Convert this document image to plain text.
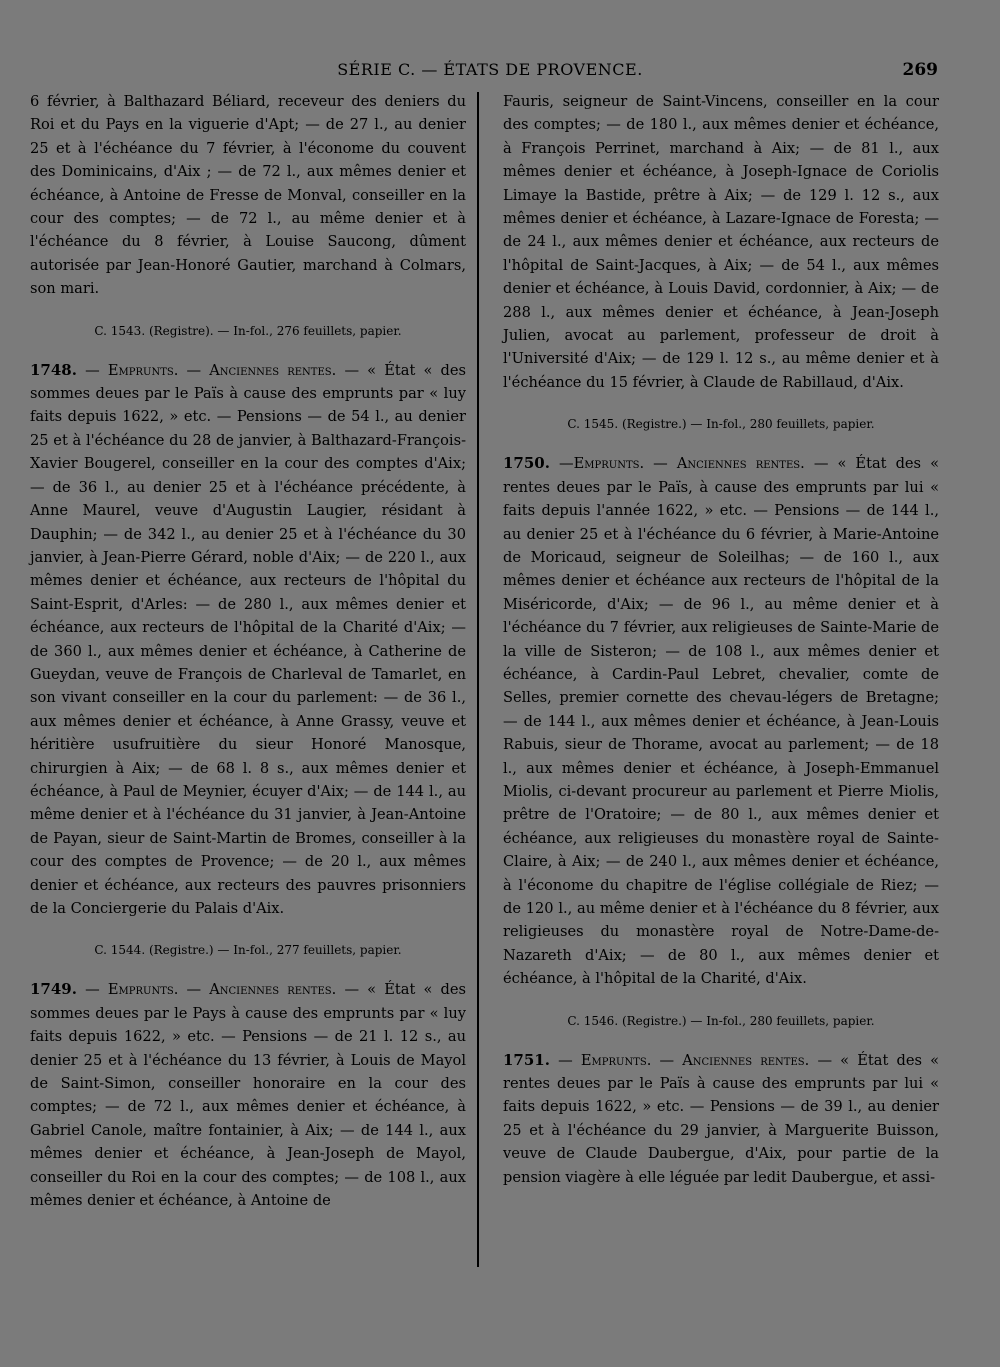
SÉRIE C. — ÉTATS DE PROVENCE.	269

6 février, à Balthazard Béliard, receveur des deniers du Roi et du Pays en la viguerie d'Apt; — de 27 l., au denier 25 et à l'échéance du 7 février, à l'économe du couvent des Dominicains, d'Aix ; — de 72 l., aux mêmes denier et échéance, à Antoine de Fresse de Monval, conseiller en la cour des comptes; — de 72 l., au même denier et à l'échéance du 8 février, à Louise Saucong, dûment autorisée par Jean-Honoré Gautier, marchand à Colmars, son mari.

C. 1543. (Registre). — In-fol., 276 feuillets, papier.

1748. — Emprunts. — Anciennes rentes. — « État « des sommes deues par le Païs à cause des emprunts par « luy faits depuis 1622, » etc. — Pensions — de 54 l., au denier 25 et à l'échéance du 28 de janvier, à Balthazard-François-Xavier Bougerel, conseiller en la cour des comptes d'Aix; — de 36 l., au denier 25 et à l'échéance précédente, à Anne Maurel, veuve d'Augustin Laugier, résidant à Dauphin; — de 342 l., au denier 25 et à l'échéance du 30 janvier, à Jean-Pierre Gérard, noble d'Aix; — de 220 l., aux mêmes denier et échéance, aux recteurs de l'hôpital du Saint-Esprit, d'Arles: — de 280 l., aux mêmes denier et échéance, aux recteurs de l'hôpital de la Charité d'Aix; — de 360 l., aux mêmes denier et échéance, à Catherine de Gueydan, veuve de François de Charleval de Tamarlet, en son vivant conseiller en la cour du parlement: — de 36 l., aux mêmes denier et échéance, à Anne Grassy, veuve et héritière usufruitière du sieur Honoré Manosque, chirurgien à Aix; — de 68 l. 8 s., aux mêmes denier et échéance, à Paul de Meynier, écuyer d'Aix; — de 144 l., au même denier et à l'échéance du 31 janvier, à Jean-Antoine de Payan, sieur de Saint-Martin de Bromes, conseiller à la cour des comptes de Provence; — de 20 l., aux mêmes denier et échéance, aux recteurs des pauvres prisonniers de la Conciergerie du Palais d'Aix.

C. 1544. (Registre.) — In-fol., 277 feuillets, papier.

1749. — Emprunts. — Anciennes rentes. — « État « des sommes deues par le Pays à cause des emprunts par « luy faits depuis 1622, » etc. — Pensions — de 21 l. 12 s., au denier 25 et à l'échéance du 13 février, à Louis de Mayol de Saint-Simon, conseiller honoraire en la cour des comptes; — de 72 l., aux mêmes denier et échéance, à Gabriel Canole, maître fontainier, à Aix; — de 144 l., aux mêmes denier et échéance, à Jean-Joseph de Mayol, conseiller du Roi en la cour des comptes; — de 108 l., aux mêmes denier et échéance, à Antoine de

Fauris, seigneur de Saint-Vincens, conseiller en la cour des comptes; — de 180 l., aux mêmes denier et échéance, à François Perrinet, marchand à Aix; — de 81 l., aux mêmes denier et échéance, à Joseph-Ignace de Coriolis Limaye la Bastide, prêtre à Aix; — de 129 l. 12 s., aux mêmes denier et échéance, à Lazare-Ignace de Foresta; — de 24 l., aux mêmes denier et échéance, aux recteurs de l'hôpital de Saint-Jacques, à Aix; — de 54 l., aux mêmes denier et échéance, à Louis David, cordonnier, à Aix; — de 288 l., aux mêmes denier et échéance, à Jean-Joseph Julien, avocat au parlement, professeur de droit à l'Université d'Aix; — de 129 l. 12 s., au même denier et à l'échéance du 15 février, à Claude de Rabillaud, d'Aix.

C. 1545. (Registre.) — In-fol., 280 feuillets, papier.

1750. —Emprunts. — Anciennes rentes. — « État des « rentes deues par le Païs, à cause des emprunts par lui « faits depuis l'année 1622, » etc. — Pensions — de 144 l., au denier 25 et à l'échéance du 6 février, à Marie-Antoine de Moricaud, seigneur de Soleilhas; — de 160 l., aux mêmes denier et échéance aux recteurs de l'hôpital de la Miséricorde, d'Aix; — de 96 l., au même denier et à l'échéance du 7 février, aux religieuses de Sainte-Marie de la ville de Sisteron; — de 108 l., aux mêmes denier et échéance, à Cardin-Paul Lebret, chevalier, comte de Selles, premier cornette des chevau-légers de Bretagne; — de 144 l., aux mêmes denier et échéance, à Jean-Louis Rabuis, sieur de Thorame, avocat au parlement; — de 18 l., aux mêmes denier et échéance, à Joseph-Emmanuel Miolis, ci-devant procureur au parlement et Pierre Miolis, prêtre de l'Oratoire; — de 80 l., aux mêmes denier et échéance, aux religieuses du monastère royal de Sainte-Claire, à Aix; — de 240 l., aux mêmes denier et échéance, à l'économe du chapitre de l'église collégiale de Riez; — de 120 l., au même denier et à l'échéance du 8 février, aux religieuses du monastère royal de Notre-Dame-de-Nazareth d'Aix; — de 80 l., aux mêmes denier et échéance, à l'hôpital de la Charité, d'Aix.

C. 1546. (Registre.) — In-fol., 280 feuillets, papier.

1751. — Emprunts. — Anciennes rentes. — « État des « rentes deues par le Païs à cause des emprunts par lui « faits depuis 1622, » etc. — Pensions — de 39 l., au denier 25 et à l'échéance du 29 janvier, à Marguerite Buisson, veuve de Claude Daubergue, d'Aix, pour partie de la pension viagère à elle léguée par ledit Daubergue, et assi-
